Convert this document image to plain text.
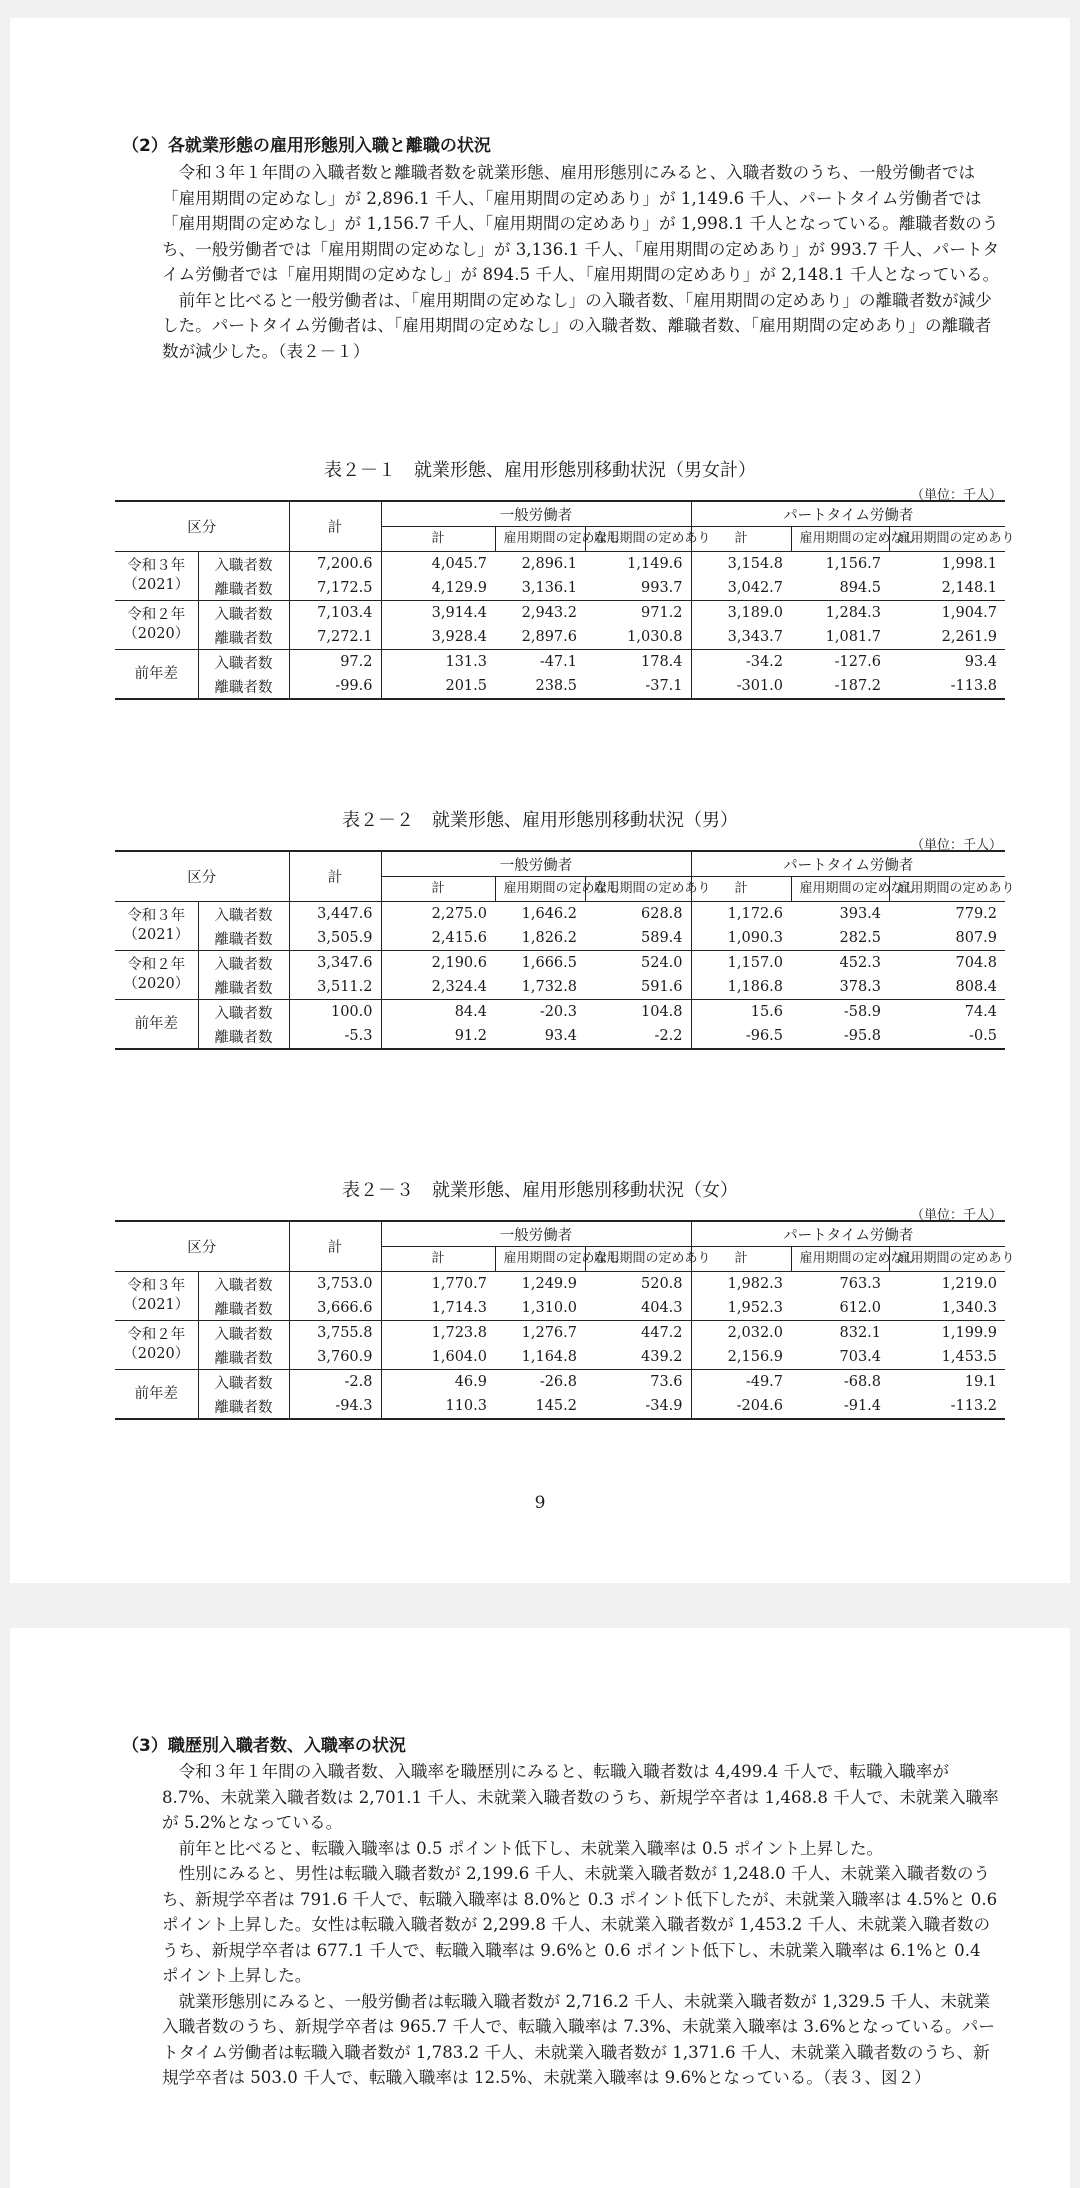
（2）各就業形態の雇用形態別入職と離職の状況

令和３年１年間の入職者数と離職者数を就業形態、雇用形態別にみると、入職者数のうち、一般労働者では「雇用期間の定めなし」が 2,896.1 千人、「雇用期間の定めあり」が 1,149.6 千人、パートタイム労働者では「雇用期間の定めなし」が 1,156.7 千人、「雇用期間の定めあり」が 1,998.1 千人となっている。離職者数のうち、一般労働者では「雇用期間の定めなし」が 3,136.1 千人、「雇用期間の定めあり」が 993.7 千人、パートタイム労働者では「雇用期間の定めなし」が 894.5 千人、「雇用期間の定めあり」が 2,148.1 千人となっている。

前年と比べると一般労働者は、「雇用期間の定めなし」の入職者数、「雇用期間の定めあり」の離職者数が減少した。パートタイム労働者は、「雇用期間の定めなし」の入職者数、離職者数、「雇用期間の定めあり」の離職者数が減少した。（表２－１）

表２－１　就業形態、雇用形態別移動状況（男女計）
（単位：千人）
区分		計	一般労働者			パートタイム労働者		
			計	雇用期間の定めなし	雇用期間の定めあり	計	雇用期間の定めなし	雇用期間の定めあり
令和３年
（2021）	入職者数	7,200.6	4,045.7	2,896.1	1,149.6	3,154.8	1,156.7	1,998.1
	離職者数	7,172.5	4,129.9	3,136.1	993.7	3,042.7	894.5	2,148.1
令和２年
（2020）	入職者数	7,103.4	3,914.4	2,943.2	971.2	3,189.0	1,284.3	1,904.7
	離職者数	7,272.1	3,928.4	2,897.6	1,030.8	3,343.7	1,081.7	2,261.9
前年差	入職者数	97.2	131.3	-47.1	178.4	-34.2	-127.6	93.4
	離職者数	-99.6	201.5	238.5	-37.1	-301.0	-187.2	-113.8
表２－２　就業形態、雇用形態別移動状況（男）
（単位：千人）
区分		計	一般労働者			パートタイム労働者		
			計	雇用期間の定めなし	雇用期間の定めあり	計	雇用期間の定めなし	雇用期間の定めあり
令和３年
（2021）	入職者数	3,447.6	2,275.0	1,646.2	628.8	1,172.6	393.4	779.2
	離職者数	3,505.9	2,415.6	1,826.2	589.4	1,090.3	282.5	807.9
令和２年
（2020）	入職者数	3,347.6	2,190.6	1,666.5	524.0	1,157.0	452.3	704.8
	離職者数	3,511.2	2,324.4	1,732.8	591.6	1,186.8	378.3	808.4
前年差	入職者数	100.0	84.4	-20.3	104.8	15.6	-58.9	74.4
	離職者数	-5.3	91.2	93.4	-2.2	-96.5	-95.8	-0.5
表２－３　就業形態、雇用形態別移動状況（女）
（単位：千人）
区分		計	一般労働者			パートタイム労働者		
			計	雇用期間の定めなし	雇用期間の定めあり	計	雇用期間の定めなし	雇用期間の定めあり
令和３年
（2021）	入職者数	3,753.0	1,770.7	1,249.9	520.8	1,982.3	763.3	1,219.0
	離職者数	3,666.6	1,714.3	1,310.0	404.3	1,952.3	612.0	1,340.3
令和２年
（2020）	入職者数	3,755.8	1,723.8	1,276.7	447.2	2,032.0	832.1	1,199.9
	離職者数	3,760.9	1,604.0	1,164.8	439.2	2,156.9	703.4	1,453.5
前年差	入職者数	-2.8	46.9	-26.8	73.6	-49.7	-68.8	19.1
	離職者数	-94.3	110.3	145.2	-34.9	-204.6	-91.4	-113.2
9
（3）職歴別入職者数、入職率の状況

令和３年１年間の入職者数、入職率を職歴別にみると、転職入職者数は 4,499.4 千人で、転職入職率が 8.7%、未就業入職者数は 2,701.1 千人、未就業入職者数のうち、新規学卒者は 1,468.8 千人で、未就業入職率が 5.2%となっている。

前年と比べると、転職入職率は 0.5 ポイント低下し、未就業入職率は 0.5 ポイント上昇した。

性別にみると、男性は転職入職者数が 2,199.6 千人、未就業入職者数が 1,248.0 千人、未就業入職者数のうち、新規学卒者は 791.6 千人で、転職入職率は 8.0%と 0.3 ポイント低下したが、未就業入職率は 4.5%と 0.6 ポイント上昇した。女性は転職入職者数が 2,299.8 千人、未就業入職者数が 1,453.2 千人、未就業入職者数のうち、新規学卒者は 677.1 千人で、転職入職率は 9.6%と 0.6 ポイント低下し、未就業入職率は 6.1%と 0.4 ポイント上昇した。

就業形態別にみると、一般労働者は転職入職者数が 2,716.2 千人、未就業入職者数が 1,329.5 千人、未就業入職者数のうち、新規学卒者は 965.7 千人で、転職入職率は 7.3%、未就業入職率は 3.6%となっている。パートタイム労働者は転職入職者数が 1,783.2 千人、未就業入職者数が 1,371.6 千人、未就業入職者数のうち、新規学卒者は 503.0 千人で、転職入職率は 12.5%、未就業入職率は 9.6%となっている。（表３、図２）
